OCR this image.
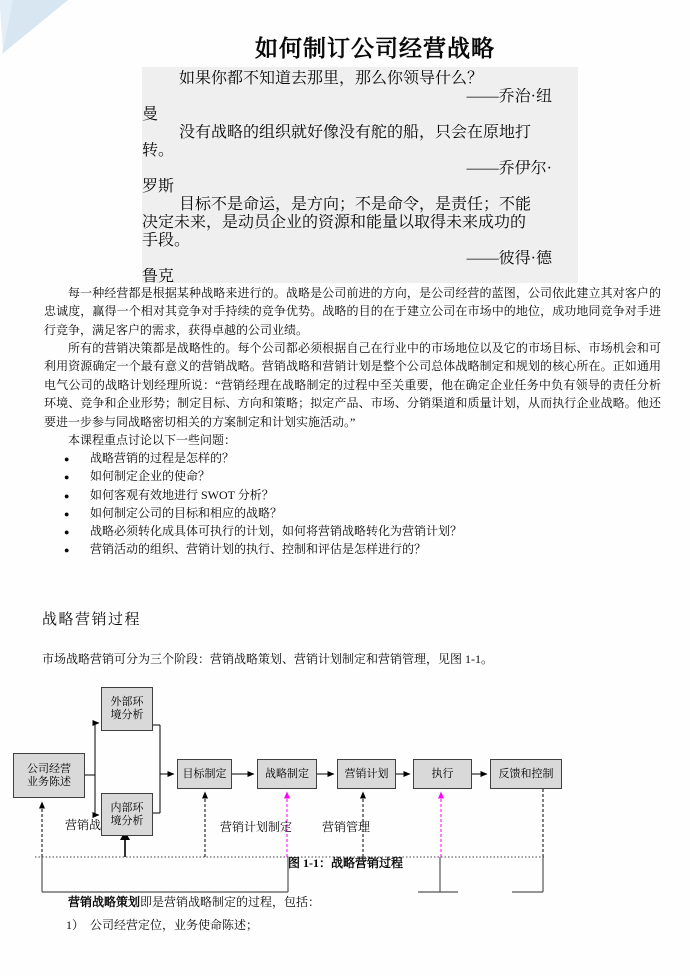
如何制订公司经营战略
如果你都不知道去那里，那么你领导什么？
——乔治·纽
曼
没有战略的组织就好像没有舵的船，只会在原地打
转。
——乔伊尔·
罗斯
目标不是命运，是方向；不是命令，是责任；不能
决定未来，是动员企业的资源和能量以取得未来成功的
手段。
——彼得·德
鲁克
每一种经营都是根据某种战略来进行的。战略是公司前进的方向，是公司经营的蓝图，公司依此建立其对客户的忠诚度，赢得一个相对其竞争对手持续的竞争优势。战略的目的在于建立公司在市场中的地位，成功地同竞争对手进行竞争，满足客户的需求，获得卓越的公司业绩。
所有的营销决策都是战略性的。每个公司都必须根据自己在行业中的市场地位以及它的市场目标、市场机会和可利用资源确定一个最有意义的营销战略。营销战略和营销计划是整个公司总体战略制定和规划的核心所在。正如通用电气公司的战略计划经理所说：“营销经理在战略制定的过程中至关重要，他在确定企业任务中负有领导的责任分析环境、竞争和企业形势；制定目标、方向和策略；拟定产品、市场、分销渠道和质量计划，从而执行企业战略。他还要进一步参与同战略密切相关的方案制定和计划实施活动。”
本课程重点讨论以下一些问题：
●	战略营销的过程是怎样的？
●	如何制定企业的使命？
●	如何客观有效地进行 SWOT 分析？
●	如何制定公司的目标和相应的战略？
●	战略必须转化成具体可执行的计划，如何将营销战略转化为营销计划？
●	营销活动的组织、营销计划的执行、控制和评估是怎样进行的？
战略营销过程
市场战略营销可分为三个阶段：营销战略策划、营销计划制定和营销管理，见图 1-1。
营销战	营销计划制定 营销管理
外部环
境分析
公司经营
业务陈述
内部环
境分析
目标制定	战略制定	营销计划	执行	反馈和控制
图 1-1：战略营销过程
营销战略策划即是营销战略制定的过程，包括：
1） 公司经营定位，业务使命陈述；
